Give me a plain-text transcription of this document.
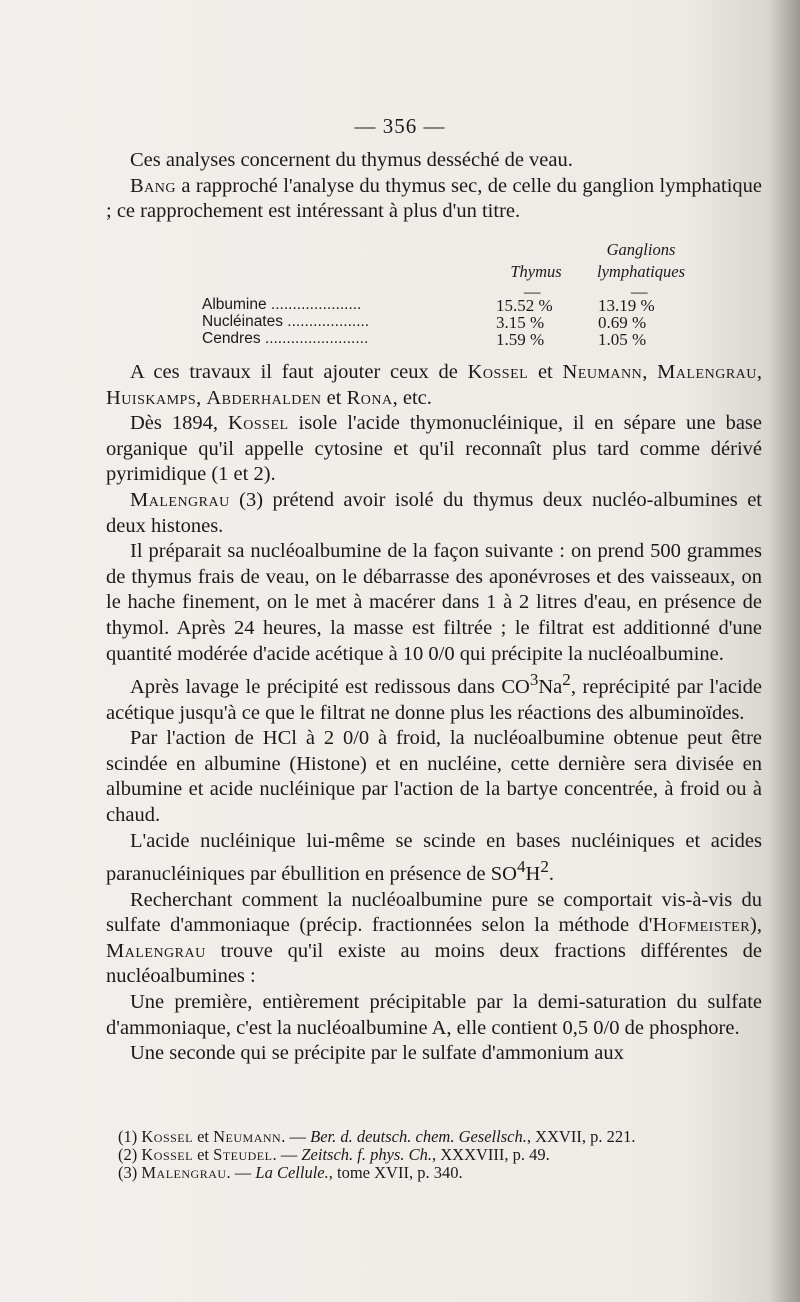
— 356 —

Ces analyses concernent du thymus desséché de veau.

Bang a rapproché l'analyse du thymus sec, de celle du ganglion lymphatique ; ce rapprochement est intéressant à plus d'un titre.

Ganglions
Thymus	lymphatiques
—	—
Albumine .....................	15.52 %	13.19 %
Nucléinates ...................	3.15 %	0.69 %
Cendres ........................	1.59 %	1.05 %

A ces travaux il faut ajouter ceux de Kossel et Neumann, Malengrau, Huiskamps, Abderhalden et Rona, etc.

Dès 1894, Kossel isole l'acide thymonucléinique, il en sépare une base organique qu'il appelle cytosine et qu'il reconnaît plus tard comme dérivé pyrimidique (1 et 2).

Malengrau (3) prétend avoir isolé du thymus deux nucléo-albumines et deux histones.

Il préparait sa nucléoalbumine de la façon suivante : on prend 500 grammes de thymus frais de veau, on le débarrasse des aponévroses et des vaisseaux, on le hache finement, on le met à macérer dans 1 à 2 litres d'eau, en présence de thymol. Après 24 heures, la masse est filtrée ; le filtrat est additionné d'une quantité modérée d'acide acétique à 10 0/0 qui précipite la nucléoalbumine.

Après lavage le précipité est redissous dans $CO^3Na^2$, reprécipité par l'acide acétique jusqu'à ce que le filtrat ne donne plus les réactions des albuminoïdes.

Par l'action de HCl à 2 0/0 à froid, la nucléoalbumine obtenue peut être scindée en albumine (Histone) et en nucléine, cette dernière sera divisée en albumine et acide nucléinique par l'action de la bartye concentrée, à froid ou à chaud.

L'acide nucléinique lui-même se scinde en bases nucléiniques et acides paranucléiniques par ébullition en présence de $SO^4H^2$.

Recherchant comment la nucléoalbumine pure se comportait vis-à-vis du sulfate d'ammoniaque (précip. fractionnées selon la méthode d'Hofmeister), Malengrau trouve qu'il existe au moins deux fractions différentes de nucléoalbumines :

Une première, entièrement précipitable par la demi-saturation du sulfate d'ammoniaque, c'est la nucléoalbumine A, elle contient 0,5 0/0 de phosphore.

Une seconde qui se précipite par le sulfate d'ammonium aux

(1) Kossel et Neumann. — Ber. d. deutsch. chem. Gesellsch., XXVII, p. 221.
(2) Kossel et Steudel. — Zeitsch. f. phys. Ch., XXXVIII, p. 49.
(3) Malengrau. — La Cellule., tome XVII, p. 340.
